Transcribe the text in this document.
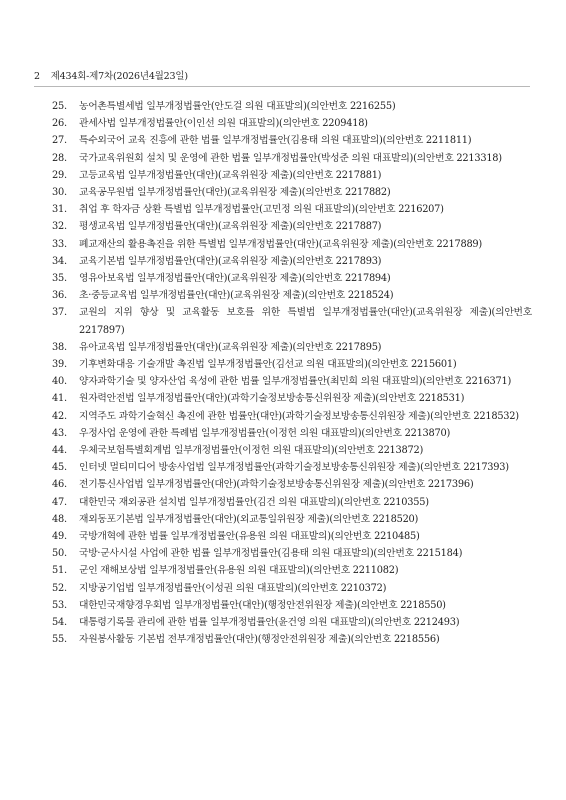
2 제434회-제7차(2026년4월23일)
25. 농어촌특별세법 일부개정법률안(안도걸 의원 대표발의)(의안번호 2216255)
26. 관세사법 일부개정법률안(이인선 의원 대표발의)(의안번호 2209418)
27. 특수외국어 교육 진흥에 관한 법률 일부개정법률안(김용태 의원 대표발의)(의안번호 2211811)
28. 국가교육위원회 설치 및 운영에 관한 법률 일부개정법률안(박성준 의원 대표발의)(의안번호 2213318)
29. 고등교육법 일부개정법률안(대안)(교육위원장 제출)(의안번호 2217881)
30. 교육공무원법 일부개정법률안(대안)(교육위원장 제출)(의안번호 2217882)
31. 취업 후 학자금 상환 특별법 일부개정법률안(고민정 의원 대표발의)(의안번호 2216207)
32. 평생교육법 일부개정법률안(대안)(교육위원장 제출)(의안번호 2217887)
33. 폐교재산의 활용촉진을 위한 특별법 일부개정법률안(대안)(교육위원장 제출)(의안번호 2217889)
34. 교육기본법 일부개정법률안(대안)(교육위원장 제출)(의안번호 2217893)
35. 영유아보육법 일부개정법률안(대안)(교육위원장 제출)(의안번호 2217894)
36. 초·중등교육법 일부개정법률안(대안)(교육위원장 제출)(의안번호 2218524)
37. 교원의 지위 향상 및 교육활동 보호를 위한 특별법 일부개정법률안(대안)(교육위원장 제출)(의안번호 2217897)
38. 유아교육법 일부개정법률안(대안)(교육위원장 제출)(의안번호 2217895)
39. 기후변화대응 기술개발 촉진법 일부개정법률안(김선교 의원 대표발의)(의안번호 2215601)
40. 양자과학기술 및 양자산업 육성에 관한 법률 일부개정법률안(최민희 의원 대표발의)(의안번호 2216371)
41. 원자력안전법 일부개정법률안(대안)(과학기술정보방송통신위원장 제출)(의안번호 2218531)
42. 지역주도 과학기술혁신 촉진에 관한 법률안(대안)(과학기술정보방송통신위원장 제출)(의안번호 2218532)
43. 우정사업 운영에 관한 특례법 일부개정법률안(이정헌 의원 대표발의)(의안번호 2213870)
44. 우체국보험특별회계법 일부개정법률안(이정헌 의원 대표발의)(의안번호 2213872)
45. 인터넷 멀티미디어 방송사업법 일부개정법률안(과학기술정보방송통신위원장 제출)(의안번호 2217393)
46. 전기통신사업법 일부개정법률안(대안)(과학기술정보방송통신위원장 제출)(의안번호 2217396)
47. 대한민국 재외공관 설치법 일부개정법률안(김건 의원 대표발의)(의안번호 2210355)
48. 재외동포기본법 일부개정법률안(대안)(외교통일위원장 제출)(의안번호 2218520)
49. 국방개혁에 관한 법률 일부개정법률안(유용원 의원 대표발의)(의안번호 2210485)
50. 국방·군사시설 사업에 관한 법률 일부개정법률안(김용태 의원 대표발의)(의안번호 2215184)
51. 군인 재해보상법 일부개정법률안(유용원 의원 대표발의)(의안번호 2211082)
52. 지방공기업법 일부개정법률안(이성권 의원 대표발의)(의안번호 2210372)
53. 대한민국재향경우회법 일부개정법률안(대안)(행정안전위원장 제출)(의안번호 2218550)
54. 대통령기록물 관리에 관한 법률 일부개정법률안(윤건영 의원 대표발의)(의안번호 2212493)
55. 자원봉사활동 기본법 전부개정법률안(대안)(행정안전위원장 제출)(의안번호 2218556)
